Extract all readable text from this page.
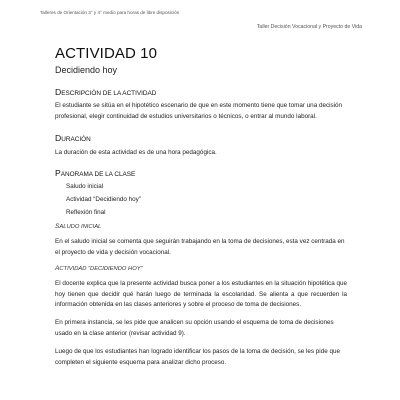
Talleres de Orientación 3° y 4° medio para horas de libre disposición
Taller Decisión Vocacional y Proyecto de Vida
ACTIVIDAD 10
Decidiendo hoy
DESCRIPCIÓN DE LA ACTIVIDAD
El estudiante se sitúa en el hipotético escenario de que en este momento tiene que tomar una decisión profesional, elegir continuidad de estudios universitarios o técnicos, o entrar al mundo laboral.
DURACIÓN
La duración de esta actividad es de una hora pedagógica.
PANORAMA DE LA CLASE
Saludo inicial
Actividad “Decidiendo hoy”
Reflexión final
SALUDO INICIAL
En el saludo inicial se comenta que seguirán trabajando en la toma de decisiones, esta vez centrada en el proyecto de vida y decisión vocacional.
ACTIVIDAD “DECIDIENDO HOY”
El docente explica que la presente actividad busca poner a los estudiantes en la situación hipotética que hoy tienen que decidir qué harán luego de terminada la escolaridad. Se alienta a que recuerden la información obtenida en las clases anteriores y sobre el proceso de toma de decisiones.
En primera instancia, se les pide que analicen su opción usando el esquema de toma de decisiones usado en la clase anterior (revisar actividad 9).
Luego de que los estudiantes han logrado identificar los pasos de la toma de decisión, se les pide que completen el siguiente esquema para analizar dicho proceso.
